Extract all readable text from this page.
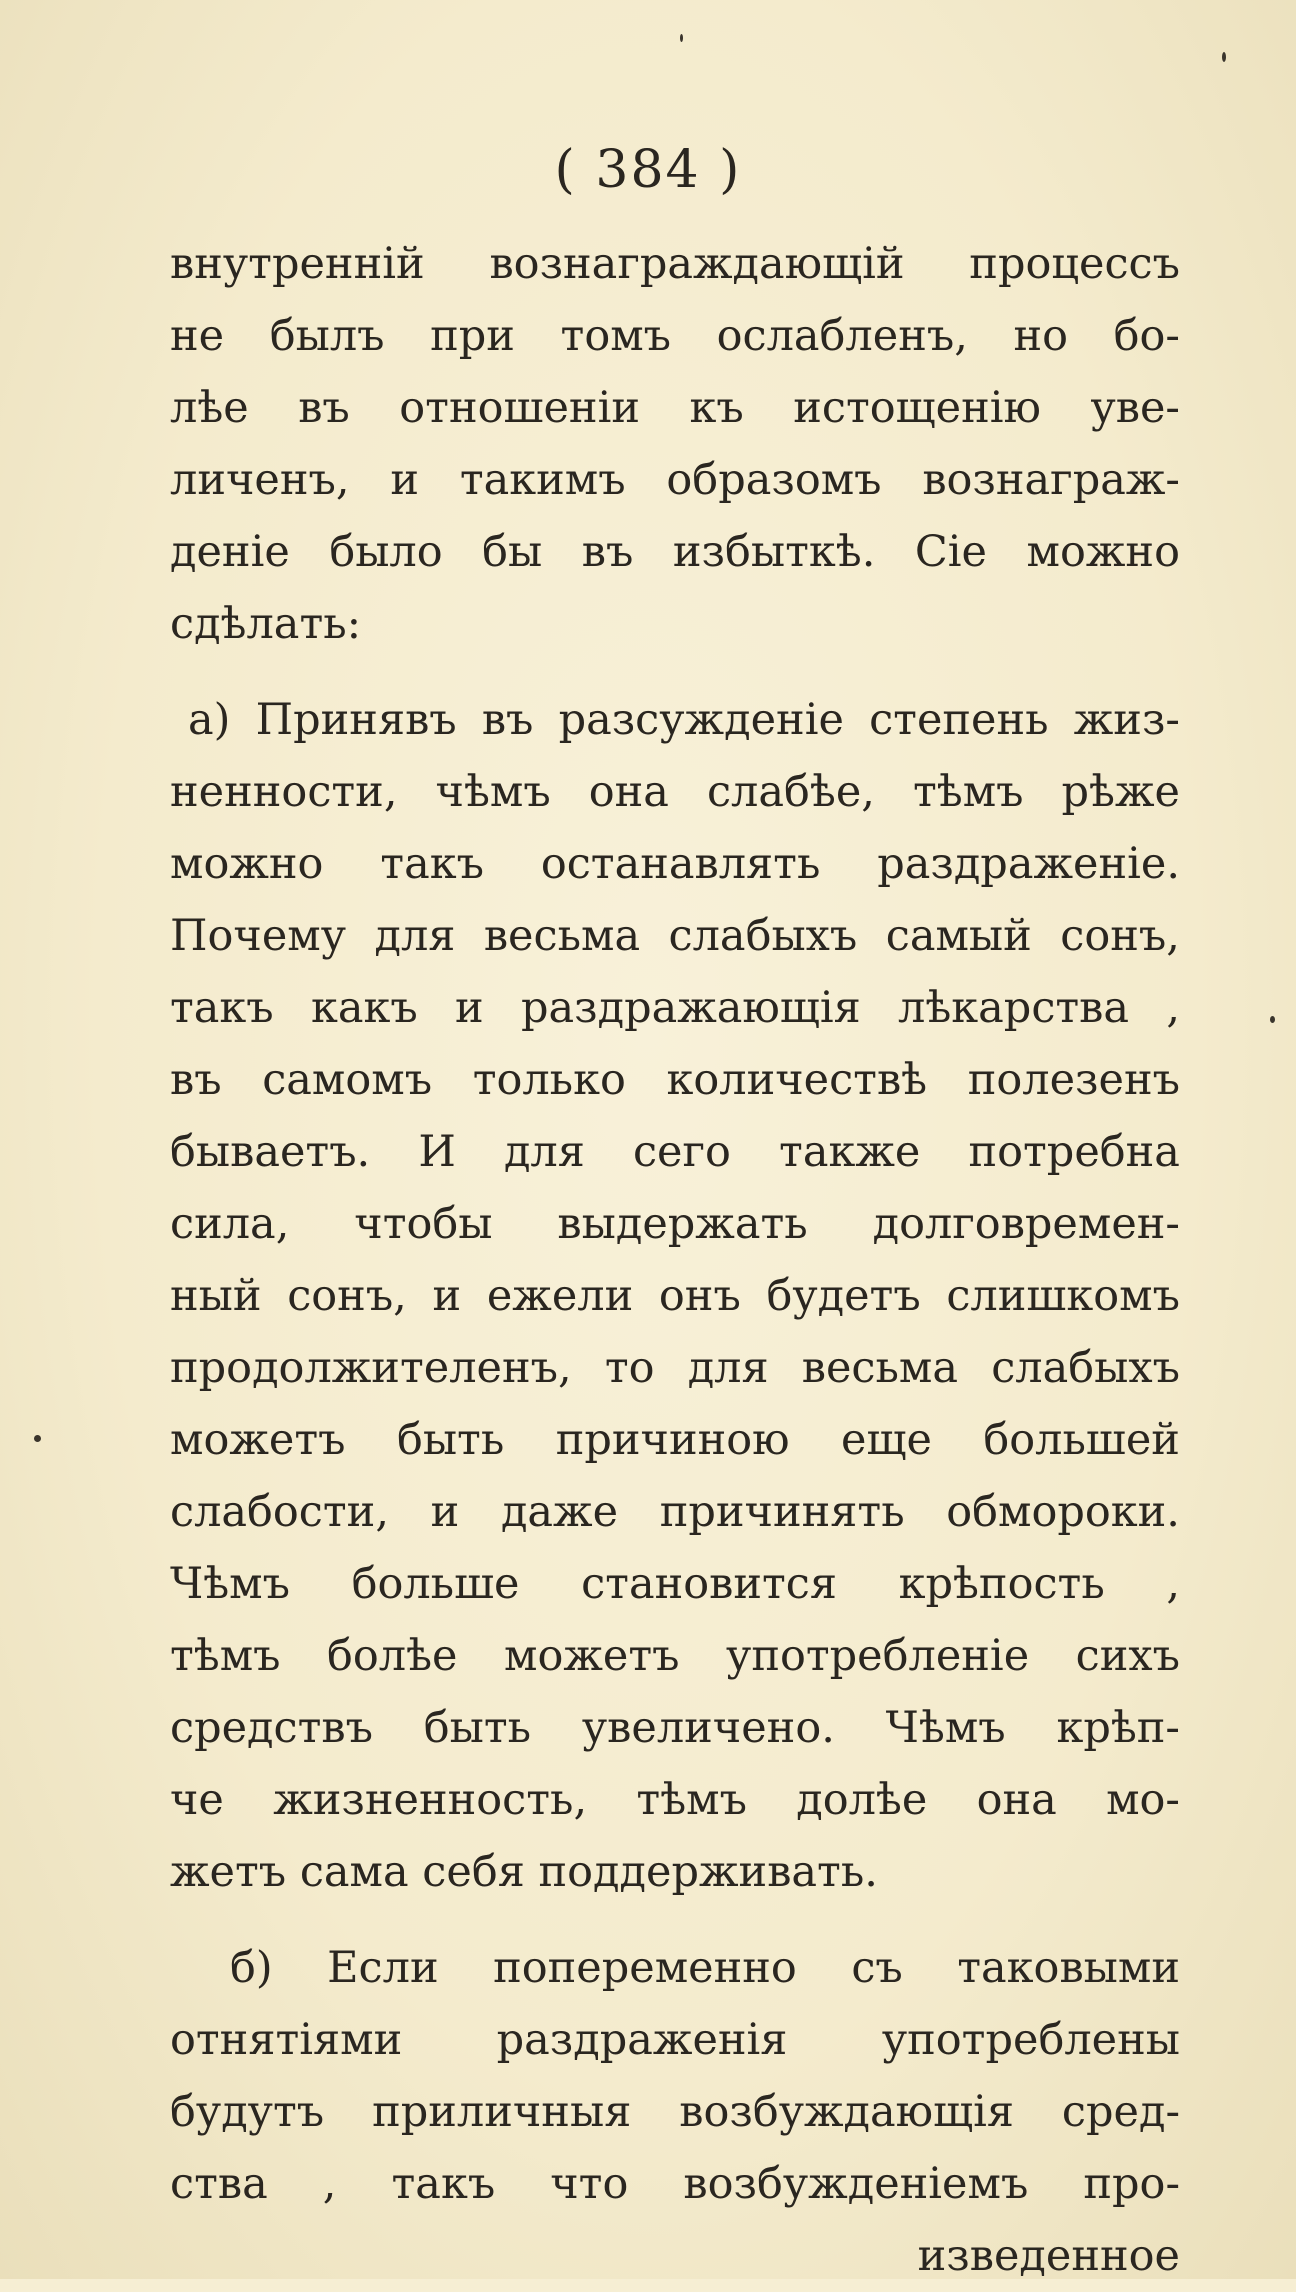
( 384 )
внутренній вознаграждающій процессъ
не былъ при томъ ослабленъ, но бо-
лѣе въ отношеніи къ истощенію уве-
личенъ, и такимъ образомъ вознаграж-
деніе было бы въ избыткѣ. Сіе можно
сдѣлать:
а) Принявъ въ разсужденіе степень жиз-
ненности, чѣмъ она слабѣе, тѣмъ рѣже
можно такъ останавлять раздраженіе.
Почему для весьма слабыхъ самый сонъ,
такъ какъ и раздражающія лѣкарства ,
въ самомъ только количествѣ полезенъ
бываетъ. И для сего также потребна
сила, чтобы выдержать долговремен-
ный сонъ, и ежели онъ будетъ слишкомъ
продолжителенъ, то для весьма слабыхъ
можетъ быть причиною еще большей
слабости, и даже причинять обмороки.
Чѣмъ больше становится крѣпость ,
тѣмъ болѣе можетъ употребленіе сихъ
средствъ быть увеличено. Чѣмъ крѣп-
че жизненность, тѣмъ долѣе она мо-
жетъ сама себя поддерживать.
б) Если попеременно съ таковыми
отнятіями раздраженія употреблены
будутъ приличныя возбуждающія сред-
ства , такъ что возбужденіемъ про-
изведенное
